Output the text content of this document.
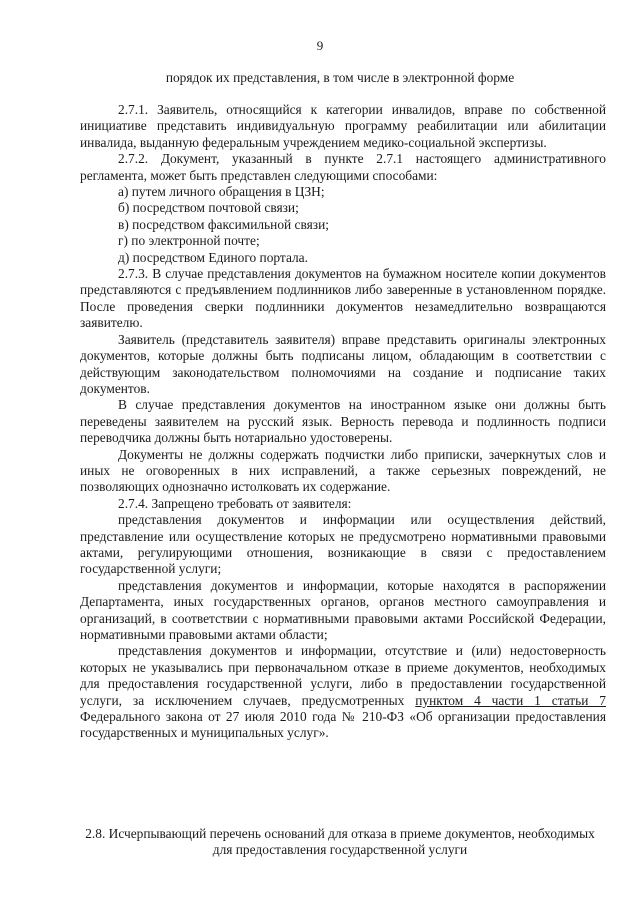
9
порядок их представления, в том числе в электронной форме

2.7.1. Заявитель, относящийся к категории инвалидов, вправе по собственной инициативе представить индивидуальную программу реабилитации или абилитации инвалида, выданную федеральным учреждением медико-социальной экспертизы.

2.7.2. Документ, указанный в пункте 2.7.1 настоящего административного регламента, может быть представлен следующими способами:

а) путем личного обращения в ЦЗН;

б) посредством почтовой связи;

в) посредством факсимильной связи;

г) по электронной почте;

д) посредством Единого портала.

2.7.3. В случае представления документов на бумажном носителе копии документов представляются с предъявлением подлинников либо заверенные в установленном порядке. После проведения сверки подлинники документов незамедлительно возвращаются заявителю.

Заявитель (представитель заявителя) вправе представить оригиналы электронных документов, которые должны быть подписаны лицом, обладающим в соответствии с действующим законодательством полномочиями на создание и подписание таких документов.

В случае представления документов на иностранном языке они должны быть переведены заявителем на русский язык. Верность перевода и подлинность подписи переводчика должны быть нотариально удостоверены.

Документы не должны содержать подчистки либо приписки, зачеркнутых слов и иных не оговоренных в них исправлений, а также серьезных повреждений, не позволяющих однозначно истолковать их содержание.

2.7.4. Запрещено требовать от заявителя:

представления документов и информации или осуществления действий, представление или осуществление которых не предусмотрено нормативными правовыми актами, регулирующими отношения, возникающие в связи с предоставлением государственной услуги;

представления документов и информации, которые находятся в распоряжении Департамента, иных государственных органов, органов местного самоуправления и организаций, в соответствии с нормативными правовыми актами Российской Федерации, нормативными правовыми актами области;

представления документов и информации, отсутствие и (или) недостоверность которых не указывались при первоначальном отказе в приеме документов, необходимых для предоставления государственной услуги, либо в предоставлении государственной услуги, за исключением случаев, предусмотренных пунктом 4 части 1 статьи 7 Федерального закона от 27 июля 2010 года № 210-ФЗ «Об организации предоставления государственных и муниципальных услуг».

2.8. Исчерпывающий перечень оснований для отказа в приеме документов, необходимых для предоставления государственной услуги
